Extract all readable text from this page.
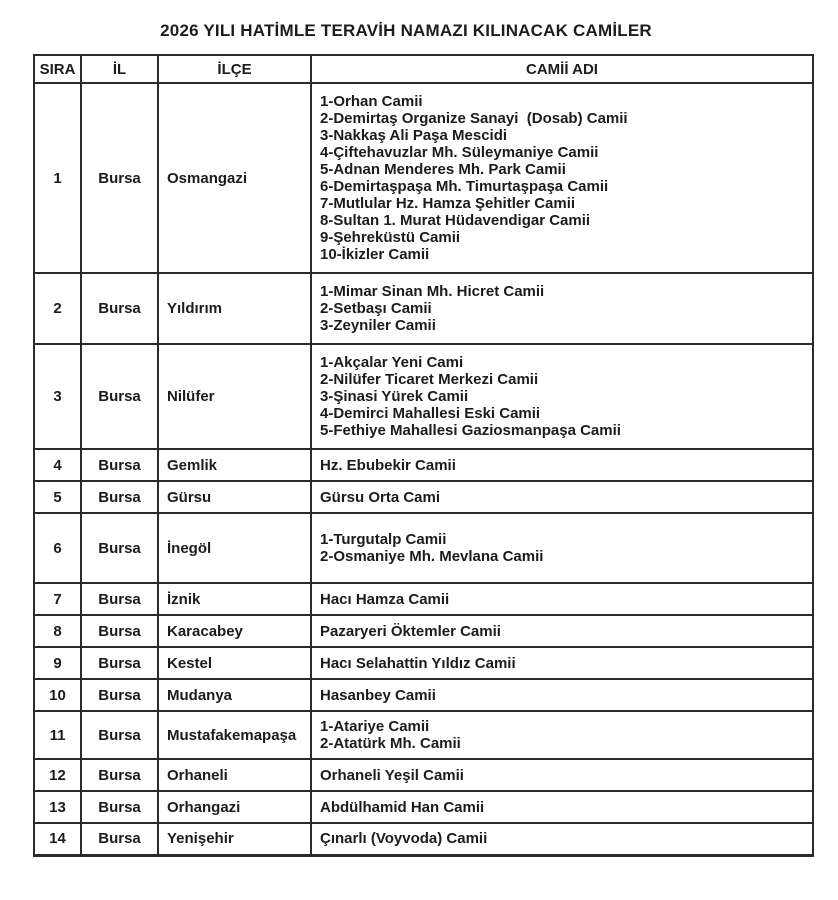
2026 YILI HATİMLE TERAVİH NAMAZI KILINACAK CAMİLER
SIRA	İL	İLÇE	CAMİİ ADI
1	Bursa	Osmangazi	
1-Orhan Camii
2-Demirtaş Organize Sanayi  (Dosab) Camii
3-Nakkaş Ali Paşa Mescidi
4-Çiftehavuzlar Mh. Süleymaniye Camii
5-Adnan Menderes Mh. Park Camii
6-Demirtaşpaşa Mh. Timurtaşpaşa Camii
7-Mutlular Hz. Hamza Şehitler Camii
8-Sultan 1. Murat Hüdavendigar Camii
9-Şehreküstü Camii
10-İkizler Camii

2	Bursa	Yıldırım	1-Mimar Sinan Mh. Hicret Camii
2-Setbaşı Camii
3-Zeyniler Camii

3	Bursa	Nilüfer	1-Akçalar Yeni Cami
2-Nilüfer Ticaret Merkezi Camii
3-Şinasi Yürek Camii
4-Demirci Mahallesi Eski Camii
5-Fethiye Mahallesi Gaziosmanpaşa Camii

4	Bursa	Gemlik	Hz. Ebubekir Camii

5	Bursa	Gürsu	Gürsu Orta Cami

6	Bursa	İnegöl	1-Turgutalp Camii
2-Osmaniye Mh. Mevlana Camii

7	Bursa	İznik	Hacı Hamza Camii

8	Bursa	Karacabey	Pazaryeri Öktemler Camii

9	Bursa	Kestel	Hacı Selahattin Yıldız Camii

10	Bursa	Mudanya	Hasanbey Camii

11	Bursa	Mustafakemapaşa	1-Atariye Camii
2-Atatürk Mh. Camii

12	Bursa	Orhaneli	Orhaneli Yeşil Camii

13	Bursa	Orhangazi	Abdülhamid Han Camii

14	Bursa	Yenişehir	Çınarlı (Voyvoda) Camii
